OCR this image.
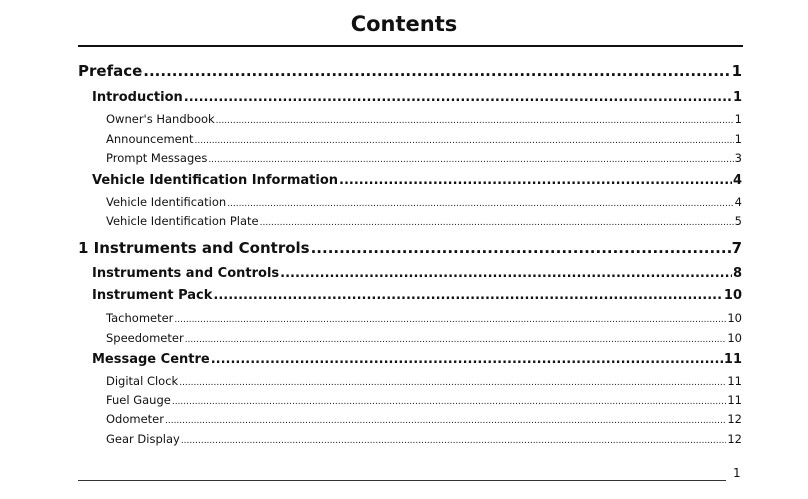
Contents
Preface .....	1
Introduction .....	1
Owner's Handbook .....	1
Announcement .....	1
Prompt Messages .....	3
Vehicle Identification Information .....	4
Vehicle Identification .....	4
Vehicle Identification Plate .....	5
1 Instruments and Controls .....	7
Instruments and Controls .....	8
Instrument Pack .....	10
Tachometer .....	10
Speedometer .....	10
Message Centre .....	11
Digital Clock .....	11
Fuel Gauge .....	11
Odometer .....	12
Gear Display .....	12
1
